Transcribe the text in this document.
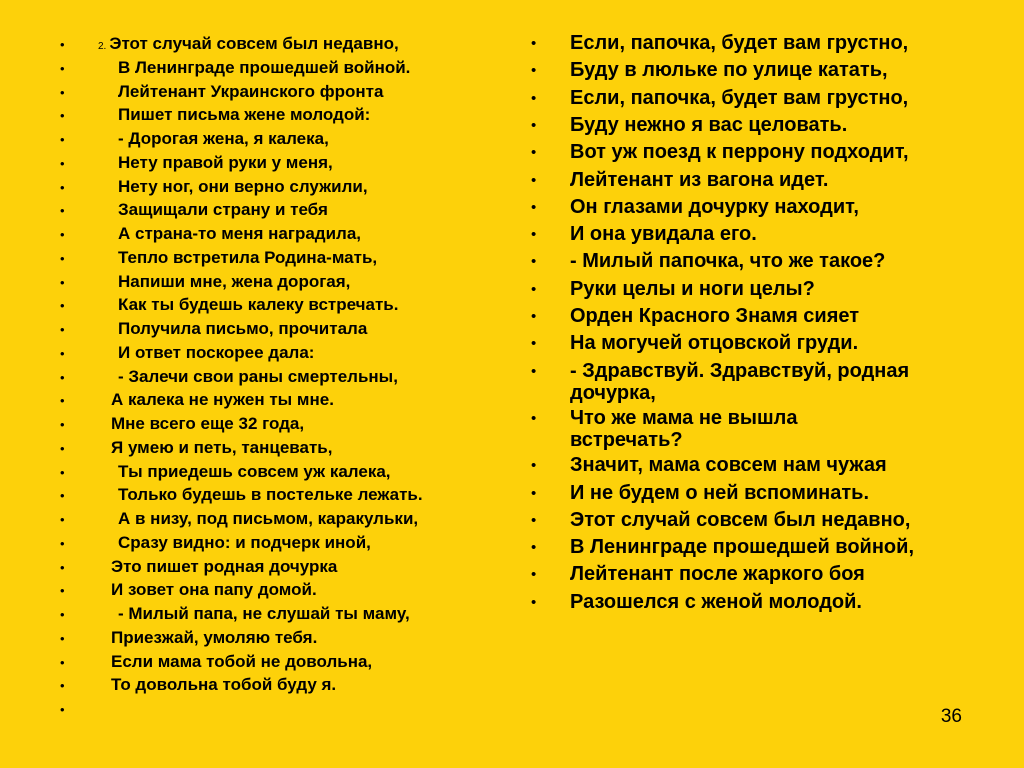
•	2. Этот случай совсем был недавно,
•	В Ленинграде прошедшей войной.
•	Лейтенант Украинского фронта
•	Пишет письма жене молодой:
•	- Дорогая жена, я калека,
•	Нету правой руки у меня,
•	Нету ног, они верно служили,
•	Защищали страну и тебя
•	А страна-то меня наградила,
•	Тепло встретила Родина-мать,
•	Напиши мне, жена дорогая,
•	Как ты будешь калеку встречать.
•	Получила письмо, прочитала
•	И ответ поскорее дала:
•	- Залечи свои раны смертельны,
•	А калека не нужен ты мне.
•	Мне всего еще 32 года,
•	Я умею и петь, танцевать,
•	Ты приедешь совсем уж калека,
•	Только будешь в постельке лежать.
•	А в низу, под письмом, каракульки,
•	Сразу видно: и подчерк иной,
•	Это пишет родная дочурка
•	И зовет она папу домой.
•	- Милый папа, не слушай ты маму,
•	Приезжай, умоляю тебя.
•	Если мама тобой не довольна,
•	То довольна тобой буду я.
•
• Если, папочка, будет вам грустно,
• Буду в люльке по улице катать,
• Если, папочка, будет вам грустно,
• Буду нежно я вас целовать.
• Вот уж поезд к перрону подходит,
• Лейтенант из вагона идет.
• Он глазами дочурку находит,
• И она увидала его.
• - Милый папочка, что же такое?
• Руки целы и ноги целы?
• Орден Красного Знамя сияет
• На могучей отцовской груди.
• - Здравствуй. Здравствуй, родная
дочурка,
• Что же мама не вышла
встречать?
• Значит, мама совсем нам чужая
• И не будем о ней вспоминать.
• Этот случай совсем был недавно,
• В Ленинграде прошедшей войной,
• Лейтенант после жаркого боя
• Разошелся с женой молодой.
36
